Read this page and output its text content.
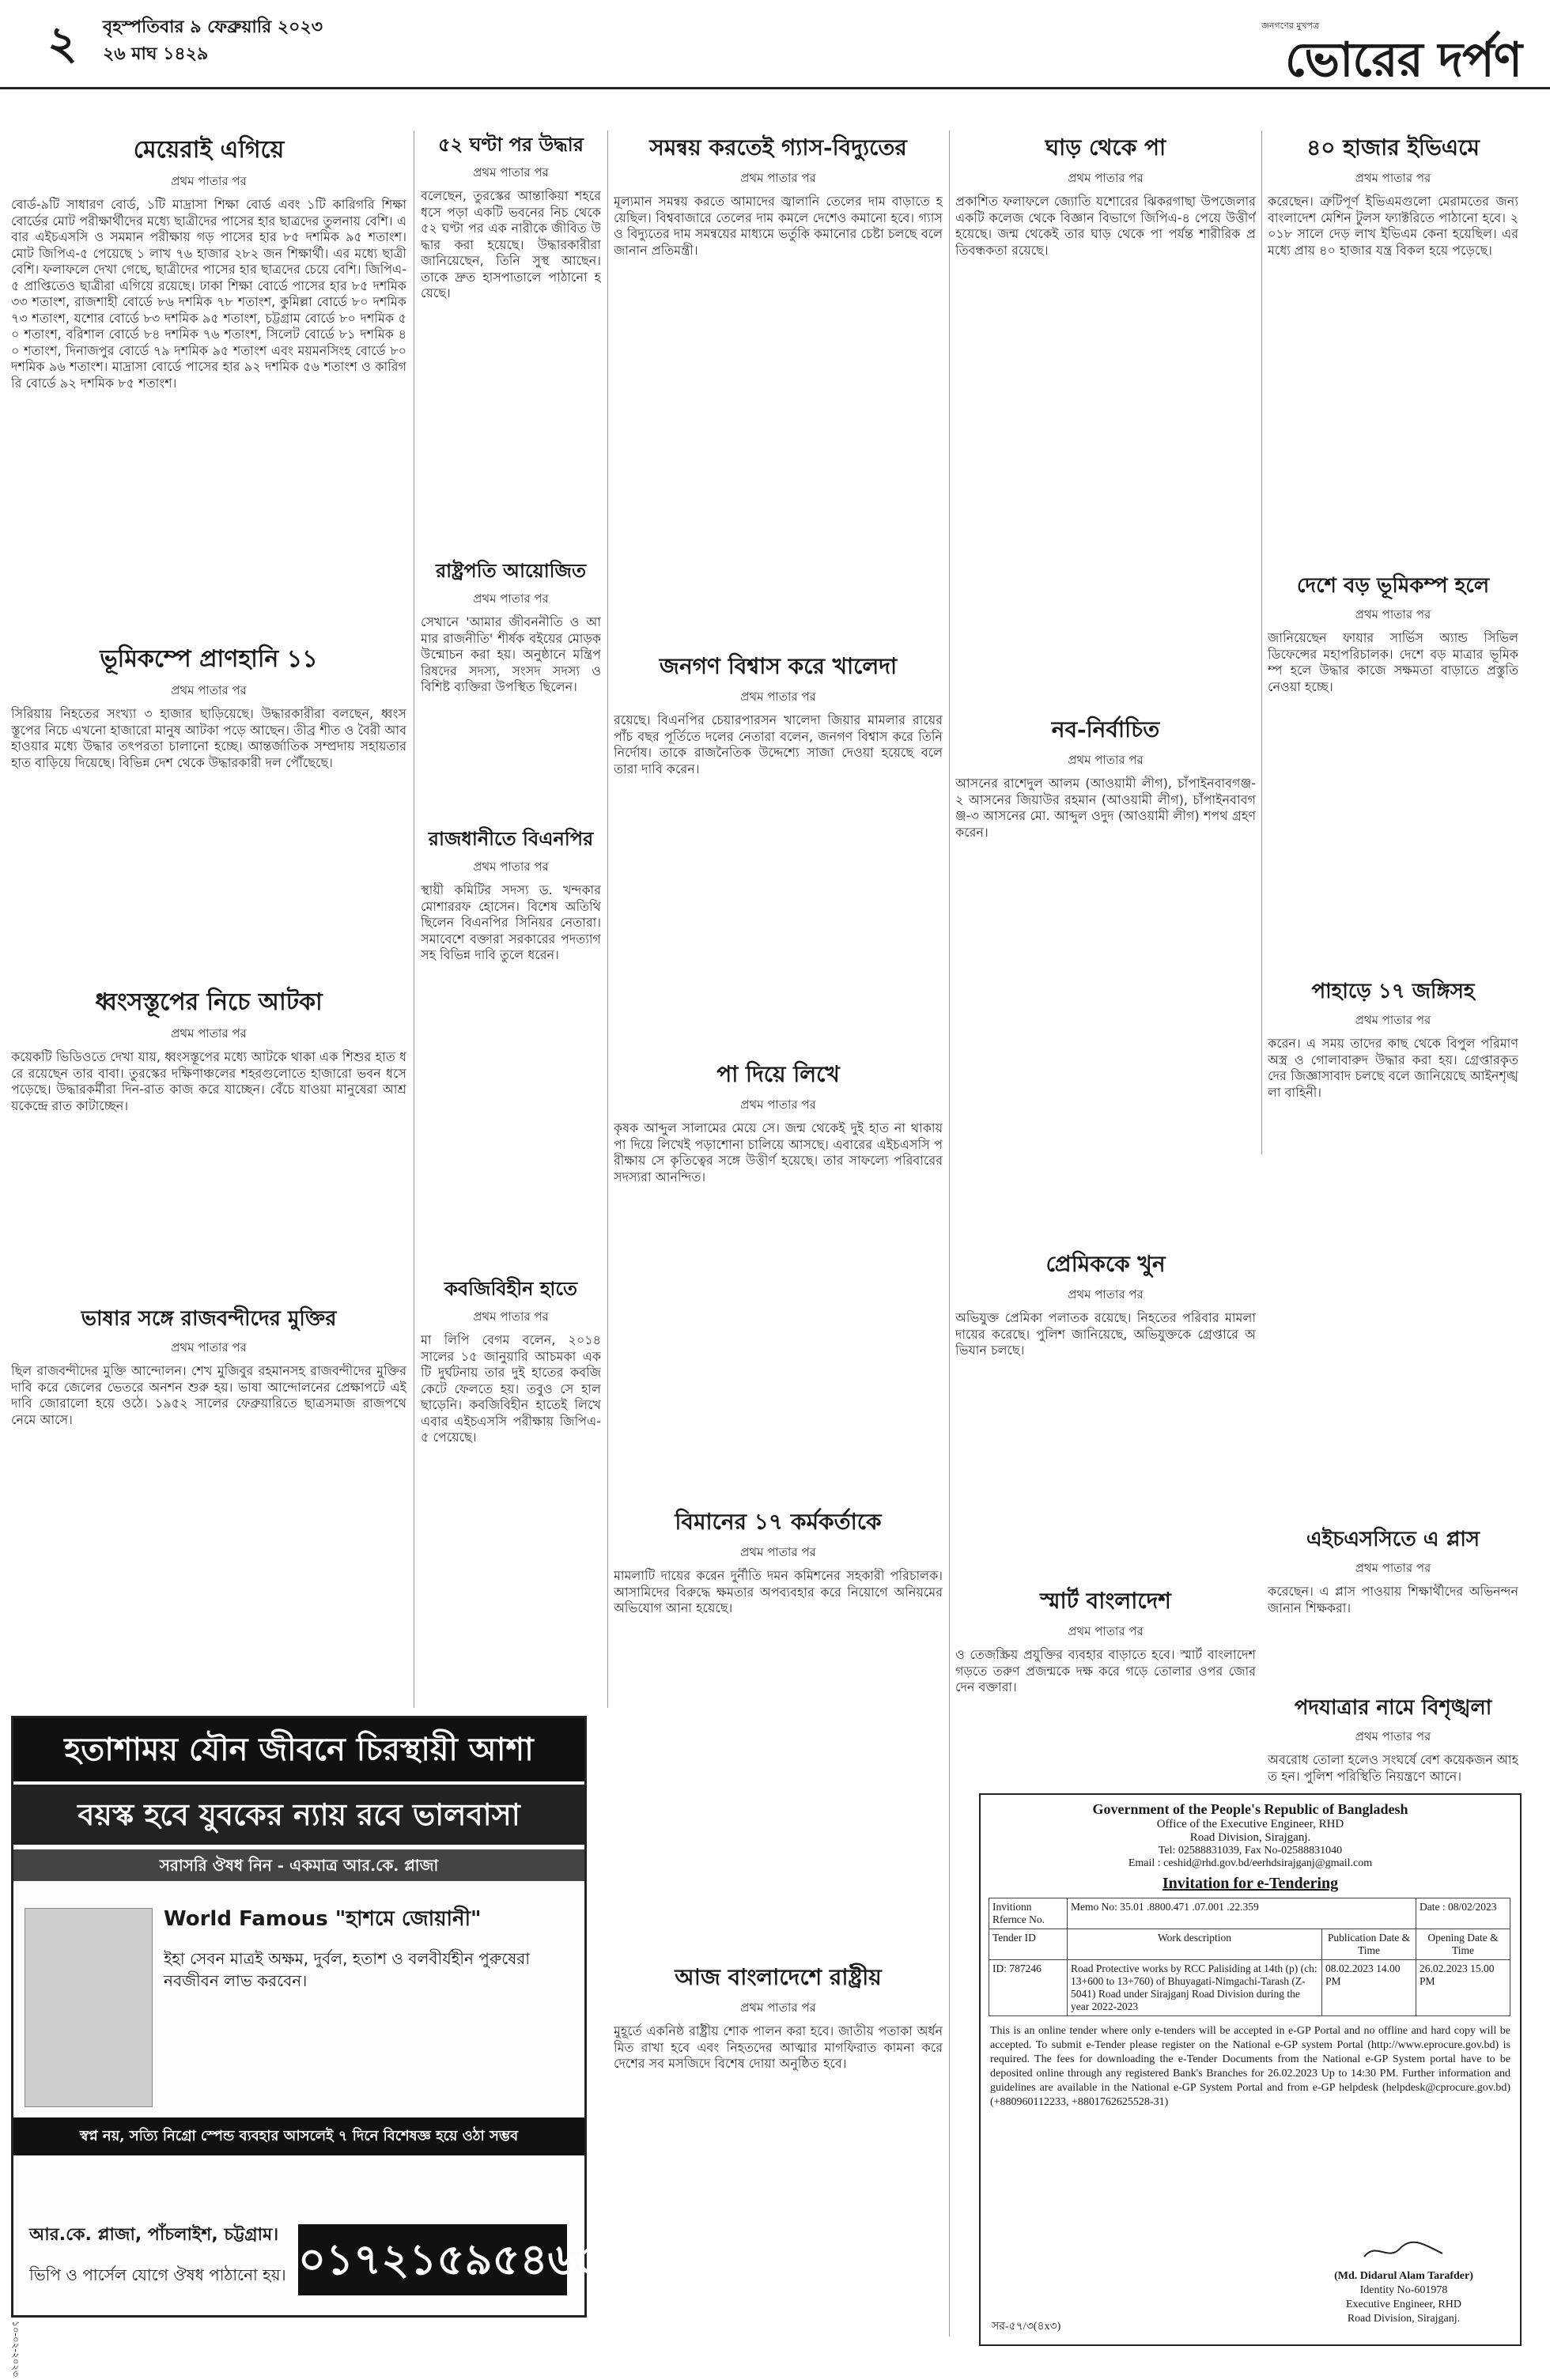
২ বৃহস্পতিবার ৯ ফেব্রুয়ারি ২০২৩
২৬ মাঘ ১৪২৯
জনগণের মুখপত্র
ভোরের দর্পণ
মেয়েরাই এগিয়ে
প্রথম পাতার পর

বোর্ড-৯টি সাধারণ বোর্ড, ১টি মাদ্রাসা শিক্ষা বোর্ড এবং ১টি কারিগরি শিক্ষা বোর্ডের মোট পরীক্ষার্থীদের মধ্যে ছাত্রীদের পাসের হার ছাত্রদের তুলনায় বেশি। এবার এইচএসসি ও সমমান পরীক্ষায় গড় পাসের হার ৮৫ দশমিক ৯৫ শতাংশ। মোট জিপিএ-৫ পেয়েছে ১ লাখ ৭৬ হাজার ২৮২ জন শিক্ষার্থী। এর মধ্যে ছাত্রী বেশি। ফলাফলে দেখা গেছে, ছাত্রীদের পাসের হার ছাত্রদের চেয়ে বেশি। জিপিএ-৫ প্রাপ্তিতেও ছাত্রীরা এগিয়ে রয়েছে। ঢাকা শিক্ষা বোর্ডে পাসের হার ৮৫ দশমিক ৩৩ শতাংশ, রাজশাহী বোর্ডে ৮৬ দশমিক ৭৮ শতাংশ, কুমিল্লা বোর্ডে ৮০ দশমিক ৭৩ শতাংশ, যশোর বোর্ডে ৮৩ দশমিক ৯৫ শতাংশ, চট্টগ্রাম বোর্ডে ৮০ দশমিক ৫০ শতাংশ, বরিশাল বোর্ডে ৮৪ দশমিক ৭৬ শতাংশ, সিলেট বোর্ডে ৮১ দশমিক ৪০ শতাংশ, দিনাজপুর বোর্ডে ৭৯ দশমিক ৯৫ শতাংশ এবং ময়মনসিংহ বোর্ডে ৮০ দশমিক ৯৬ শতাংশ। মাদ্রাসা বোর্ডে পাসের হার ৯২ দশমিক ৫৬ শতাংশ ও কারিগরি বোর্ডে ৯২ দশমিক ৮৫ শতাংশ।

ভূমিকম্পে প্রাণহানি ১১
প্রথম পাতার পর

সিরিয়ায় নিহতের সংখ্যা ৩ হাজার ছাড়িয়েছে। উদ্ধারকারীরা বলছেন, ধ্বংসস্তূপের নিচে এখনো হাজারো মানুষ আটকা পড়ে আছেন। তীব্র শীত ও বৈরী আবহাওয়ার মধ্যে উদ্ধার তৎপরতা চালানো হচ্ছে। আন্তর্জাতিক সম্প্রদায় সহায়তার হাত বাড়িয়ে দিয়েছে। বিভিন্ন দেশ থেকে উদ্ধারকারী দল পৌঁছেছে।

ধ্বংসস্তূপের নিচে আটকা
প্রথম পাতার পর

কয়েকটি ভিডিওতে দেখা যায়, ধ্বংসস্তূপের মধ্যে আটকে থাকা এক শিশুর হাত ধরে রয়েছেন তার বাবা। তুরস্কের দক্ষিণাঞ্চলের শহরগুলোতে হাজারো ভবন ধসে পড়েছে। উদ্ধারকর্মীরা দিন-রাত কাজ করে যাচ্ছেন। বেঁচে যাওয়া মানুষেরা আশ্রয়কেন্দ্রে রাত কাটাচ্ছেন।

ভাষার সঙ্গে রাজবন্দীদের মুক্তির
প্রথম পাতার পর

ছিল রাজবন্দীদের মুক্তি আন্দোলন। শেখ মুজিবুর রহমানসহ রাজবন্দীদের মুক্তির দাবি করে জেলের ভেতরে অনশন শুরু হয়। ভাষা আন্দোলনের প্রেক্ষাপটে এই দাবি জোরালো হয়ে ওঠে। ১৯৫২ সালের ফেব্রুয়ারিতে ছাত্রসমাজ রাজপথে নেমে আসে।

৫২ ঘণ্টা পর উদ্ধার
প্রথম পাতার পর

বলেছেন, তুরস্কের আন্তাকিয়া শহরে ধসে পড়া একটি ভবনের নিচ থেকে ৫২ ঘণ্টা পর এক নারীকে জীবিত উদ্ধার করা হয়েছে। উদ্ধারকারীরা জানিয়েছেন, তিনি সুস্থ আছেন। তাকে দ্রুত হাসপাতালে পাঠানো হয়েছে।

রাষ্ট্রপতি আয়োজিত
প্রথম পাতার পর

সেখানে 'আমার জীবননীতি ও আমার রাজনীতি' শীর্ষক বইয়ের মোড়ক উন্মোচন করা হয়। অনুষ্ঠানে মন্ত্রিপরিষদের সদস্য, সংসদ সদস্য ও বিশিষ্ট ব্যক্তিরা উপস্থিত ছিলেন।

রাজধানীতে বিএনপির
প্রথম পাতার পর

স্থায়ী কমিটির সদস্য ড. খন্দকার মোশাররফ হোসেন। বিশেষ অতিথি ছিলেন বিএনপির সিনিয়র নেতারা। সমাবেশে বক্তারা সরকারের পদত্যাগসহ বিভিন্ন দাবি তুলে ধরেন।

কবজিবিহীন হাতে
প্রথম পাতার পর

মা লিপি বেগম বলেন, ২০১৪ সালের ১৫ জানুয়ারি আচমকা একটি দুর্ঘটনায় তার দুই হাতের কবজি কেটে ফেলতে হয়। তবুও সে হাল ছাড়েনি। কবজিবিহীন হাতেই লিখে এবার এইচএসসি পরীক্ষায় জিপিএ-৫ পেয়েছে।

সমন্বয় করতেই গ্যাস-বিদ্যুতের
প্রথম পাতার পর

মূল্যমান সমন্বয় করতে আমাদের জ্বালানি তেলের দাম বাড়াতে হয়েছিল। বিশ্ববাজারে তেলের দাম কমলে দেশেও কমানো হবে। গ্যাস ও বিদ্যুতের দাম সমন্বয়ের মাধ্যমে ভর্তুকি কমানোর চেষ্টা চলছে বলে জানান প্রতিমন্ত্রী।

জনগণ বিশ্বাস করে খালেদা
প্রথম পাতার পর

রয়েছে। বিএনপির চেয়ারপারসন খালেদা জিয়ার মামলার রায়ের পাঁচ বছর পূর্তিতে দলের নেতারা বলেন, জনগণ বিশ্বাস করে তিনি নির্দোষ। তাকে রাজনৈতিক উদ্দেশ্যে সাজা দেওয়া হয়েছে বলে তারা দাবি করেন।

পা দিয়ে লিখে
প্রথম পাতার পর

কৃষক আব্দুল সালামের মেয়ে সে। জন্ম থেকেই দুই হাত না থাকায় পা দিয়ে লিখেই পড়াশোনা চালিয়ে আসছে। এবারের এইচএসসি পরীক্ষায় সে কৃতিত্বের সঙ্গে উত্তীর্ণ হয়েছে। তার সাফল্যে পরিবারের সদস্যরা আনন্দিত।

বিমানের ১৭ কর্মকর্তাকে
প্রথম পাতার পর

মামলাটি দায়ের করেন দুর্নীতি দমন কমিশনের সহকারী পরিচালক। আসামিদের বিরুদ্ধে ক্ষমতার অপব্যবহার করে নিয়োগে অনিয়মের অভিযোগ আনা হয়েছে।

আজ বাংলাদেশে রাষ্ট্রীয়
প্রথম পাতার পর

মুহূর্তে একনিষ্ঠ রাষ্ট্রীয় শোক পালন করা হবে। জাতীয় পতাকা অর্ধনমিত রাখা হবে এবং নিহতদের আত্মার মাগফিরাত কামনা করে দেশের সব মসজিদে বিশেষ দোয়া অনুষ্ঠিত হবে।

ঘাড় থেকে পা
প্রথম পাতার পর

প্রকাশিত ফলাফলে জ্যোতি যশোরের ঝিকরগাছা উপজেলার একটি কলেজ থেকে বিজ্ঞান বিভাগে জিপিএ-৪ পেয়ে উত্তীর্ণ হয়েছে। জন্ম থেকেই তার ঘাড় থেকে পা পর্যন্ত শারীরিক প্রতিবন্ধকতা রয়েছে।

নব-নির্বাচিত
প্রথম পাতার পর

আসনের রাশেদুল আলম (আওয়ামী লীগ), চাঁপাইনবাবগঞ্জ-২ আসনের জিয়াউর রহমান (আওয়ামী লীগ), চাঁপাইনবাবগঞ্জ-৩ আসনের মো. আব্দুল ওদুদ (আওয়ামী লীগ) শপথ গ্রহণ করেন।

প্রেমিককে খুন
প্রথম পাতার পর

অভিযুক্ত প্রেমিকা পলাতক রয়েছে। নিহতের পরিবার মামলা দায়ের করেছে। পুলিশ জানিয়েছে, অভিযুক্তকে গ্রেপ্তারে অভিযান চলছে।

স্মার্ট বাংলাদেশ
প্রথম পাতার পর

ও তেজস্ক্রিয় প্রযুক্তির ব্যবহার বাড়াতে হবে। স্মার্ট বাংলাদেশ গড়তে তরুণ প্রজন্মকে দক্ষ করে গড়ে তোলার ওপর জোর দেন বক্তারা।

৪০ হাজার ইভিএমে
প্রথম পাতার পর

করেছেন। ত্রুটিপূর্ণ ইভিএমগুলো মেরামতের জন্য বাংলাদেশ মেশিন টুলস ফ্যাক্টরিতে পাঠানো হবে। ২০১৮ সালে দেড় লাখ ইভিএম কেনা হয়েছিল। এর মধ্যে প্রায় ৪০ হাজার যন্ত্র বিকল হয়ে পড়েছে।

দেশে বড় ভূমিকম্প হলে
প্রথম পাতার পর

জানিয়েছেন ফায়ার সার্ভিস অ্যান্ড সিভিল ডিফেন্সের মহাপরিচালক। দেশে বড় মাত্রার ভূমিকম্প হলে উদ্ধার কাজে সক্ষমতা বাড়াতে প্রস্তুতি নেওয়া হচ্ছে।

পাহাড়ে ১৭ জঙ্গিসহ
প্রথম পাতার পর

করেন। এ সময় তাদের কাছ থেকে বিপুল পরিমাণ অস্ত্র ও গোলাবারুদ উদ্ধার করা হয়। গ্রেপ্তারকৃতদের জিজ্ঞাসাবাদ চলছে বলে জানিয়েছে আইনশৃঙ্খলা বাহিনী।

এইচএসসিতে এ প্লাস
প্রথম পাতার পর

করেছেন। এ প্লাস পাওয়ায় শিক্ষার্থীদের অভিনন্দন জানান শিক্ষকরা।

পদযাত্রার নামে বিশৃঙ্খলা
প্রথম পাতার পর

অবরোধ তোলা হলেও সংঘর্ষে বেশ কয়েকজন আহত হন। পুলিশ পরিস্থিতি নিয়ন্ত্রণে আনে।

হতাশাময় যৌন জীবনে চিরস্থায়ী আশা
বয়স্ক হবে যুবকের ন্যায় রবে ভালবাসা
সরাসরি ঔষধ নিন - একমাত্র আর.কে. প্লাজা
World Famous "হাশমে জোয়ানী"
ইহা সেবন মাত্রই অক্ষম, দুর্বল, হতাশ ও বলবীর্যহীন পুরুষেরা নবজীবন লাভ করবেন।
স্বপ্ন নয়, সত্যি নিগ্রো স্পেন্ড ব্যবহার আসলেই ৭ দিনে বিশেষজ্ঞ হয়ে ওঠা সম্ভব
আর.কে. প্লাজা, পাঁচলাইশ, চট্টগ্রাম।
ভিপি ও পার্সেল যোগে ঔষধ পাঠানো হয়। ০১৭২১৫৯৫৪৬৫
Government of the People's Republic of Bangladesh
Office of the Executive Engineer, RHD
Road Division, Sirajganj.
Tel: 02588831039, Fax No-02588831040
Email : ceshid@rhd.gov.bd/eerhdsirajganj@gmail.com
Invitation for e-Tendering
Invitionn Rfernce No.	Memo No: 35.01 .8800.471 .07.001 .22.359		Date : 08/02/2023
Tender ID	Work description	Publication Date & Time	Opening Date & Time
ID: 787246	Road Protective works by RCC Palisiding at 14th (p) (ch: 13+600 to 13+760) of Bhuyagati-Nimgachi-Tarash (Z-5041) Road under Sirajganj Road Division during the year 2022-2023	08.02.2023 14.00 PM	26.02.2023 15.00 PM

This is an online tender where only e-tenders will be accepted in e-GP Portal and no offline and hard copy will be accepted. To submit e-Tender please register on the National e-GP system Portal (http://www.eprocure.gov.bd) is required. The fees for downloading the e-Tender Documents from the National e-GP System portal have to be deposited online through any registered Bank's Branches for 26.02.2023 Up to 14:30 PM. Further information and guidelines are available in the National e-GP System Portal and from e-GP helpdesk (helpdesk@cprocure.gov.bd) (+880960112233, +8801762625528-31)

(Md. Didarul Alam Tarafder)
Identity No-601978
Executive Engineer, RHD
Road Division, Sirajganj.
সর-৫৭/৩(৪x৩)
১০-০২-২০২৩
